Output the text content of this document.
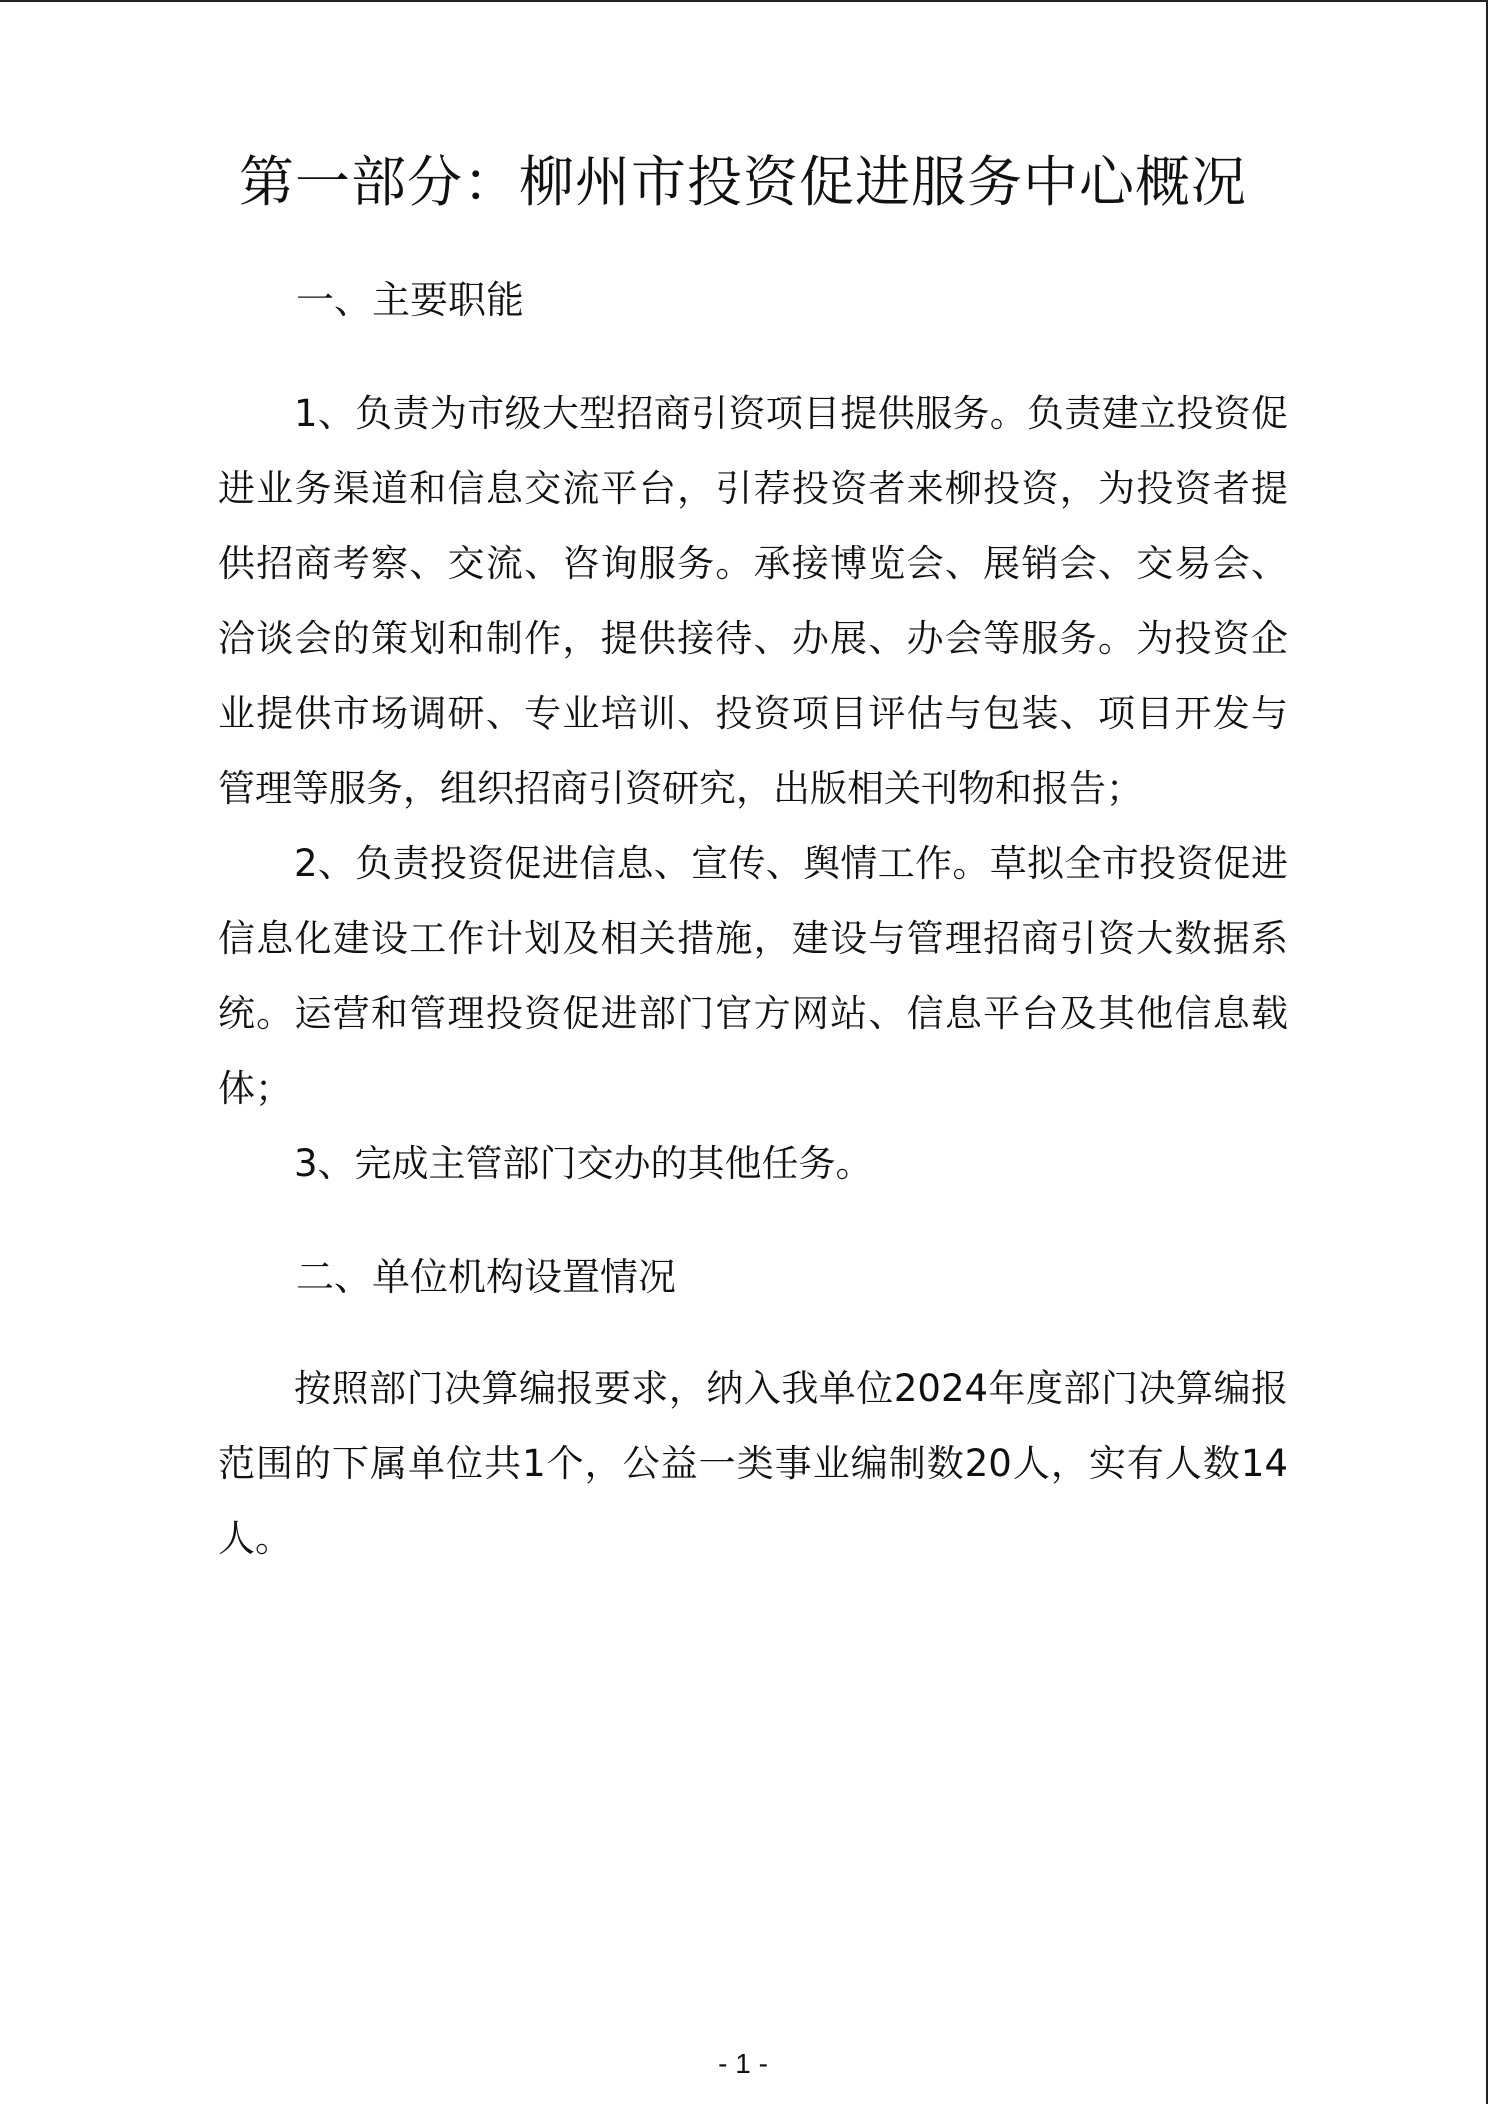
第一部分：柳州市投资促进服务中心概况
一、主要职能

1、负责为市级大型招商引资项目提供服务。负责建立投资促进业务渠道和信息交流平台，引荐投资者来柳投资，为投资者提供招商考察、交流、咨询服务。承接博览会、展销会、交易会、洽谈会的策划和制作，提供接待、办展、办会等服务。为投资企业提供市场调研、专业培训、投资项目评估与包装、项目开发与管理等服务，组织招商引资研究，出版相关刊物和报告；

2、负责投资促进信息、宣传、舆情工作。草拟全市投资促进信息化建设工作计划及相关措施，建设与管理招商引资大数据系统。运营和管理投资促进部门官方网站、信息平台及其他信息载体；

3、完成主管部门交办的其他任务。

二、单位机构设置情况

按照部门决算编报要求，纳入我单位2024年度部门决算编报范围的下属单位共1个，公益一类事业编制数20人，实有人数14人。

- 1 -
